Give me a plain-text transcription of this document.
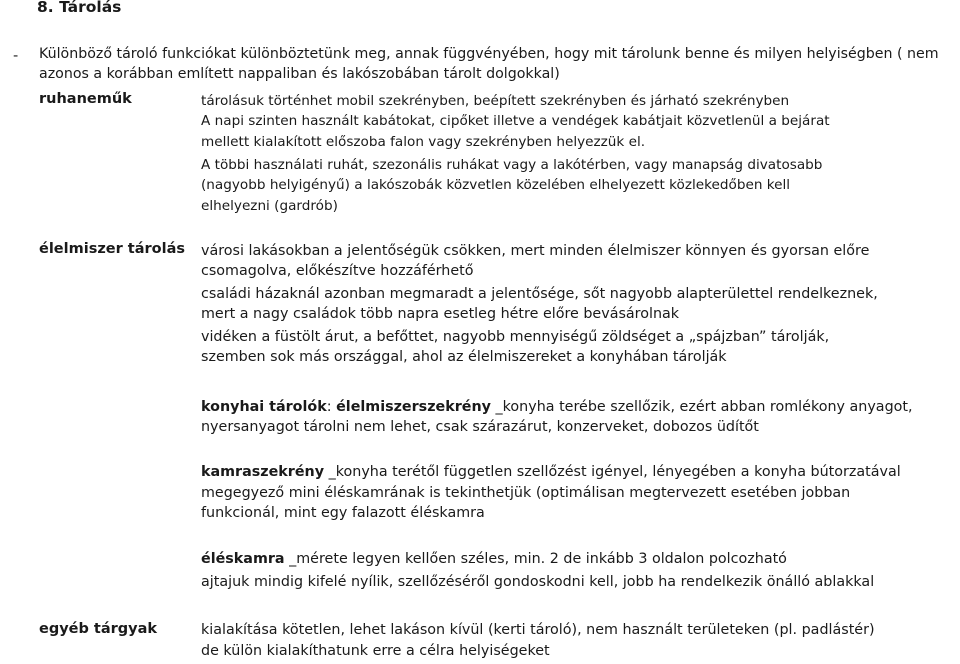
8. Tárolás
- Különböző tároló funkciókat különböztetünk meg, annak függvényében, hogy mit tárolunk benne és milyen helyiségben ( nem azonos a korábban említett nappaliban és lakószobában tárolt dolgokkal)
ruhaneműk	tárolásuk történhet mobil szekrényben, beépített szekrényben és járható szekrényben
A napi szinten használt kabátokat, cipőket illetve a vendégek kabátjait közvetlenül a bejárat
mellett kialakított előszoba falon vagy szekrényben helyezzük el.
A többi használati ruhát, szezonális ruhákat vagy a lakótérben, vagy manapság divatosabb
(nagyobb helyigényű) a lakószobák közvetlen közelében elhelyezett közlekedőben kell
elhelyezni (gardrób)
élelmiszer tárolás városi lakásokban a jelentőségük csökken, mert minden élelmiszer könnyen és gyorsan előre
csomagolva, előkészítve hozzáférhető
családi házaknál azonban megmaradt a jelentősége, sőt nagyobb alapterülettel rendelkeznek,
mert a nagy családok több napra esetleg hétre előre bevásárolnak
vidéken a füstölt árut, a befőttet, nagyobb mennyiségű zöldséget a „spájzban” tárolják,
szemben sok más országgal, ahol az élelmiszereket a konyhában tárolják
konyhai tárolók: élelmiszerszekrény _konyha terébe szellőzik, ezért abban romlékony anyagot,
nyersanyagot tárolni nem lehet, csak szárazárut, konzerveket, dobozos üdítőt
kamraszekrény _konyha terétől független szellőzést igényel, lényegében a konyha bútorzatával
megegyező mini éléskamrának is tekinthetjük (optimálisan megtervezett esetében jobban
funkcionál, mint egy falazott éléskamra
éléskamra _mérete legyen kellően széles, min. 2 de inkább 3 oldalon polcozható
ajtajuk mindig kifelé nyílik, szellőzéséről gondoskodni kell, jobb ha rendelkezik önálló ablakkal
egyéb tárgyak	kialakítása kötetlen, lehet lakáson kívül (kerti tároló), nem használt területeken (pl. padlástér)
de külön kialakíthatunk erre a célra helyiségeket
